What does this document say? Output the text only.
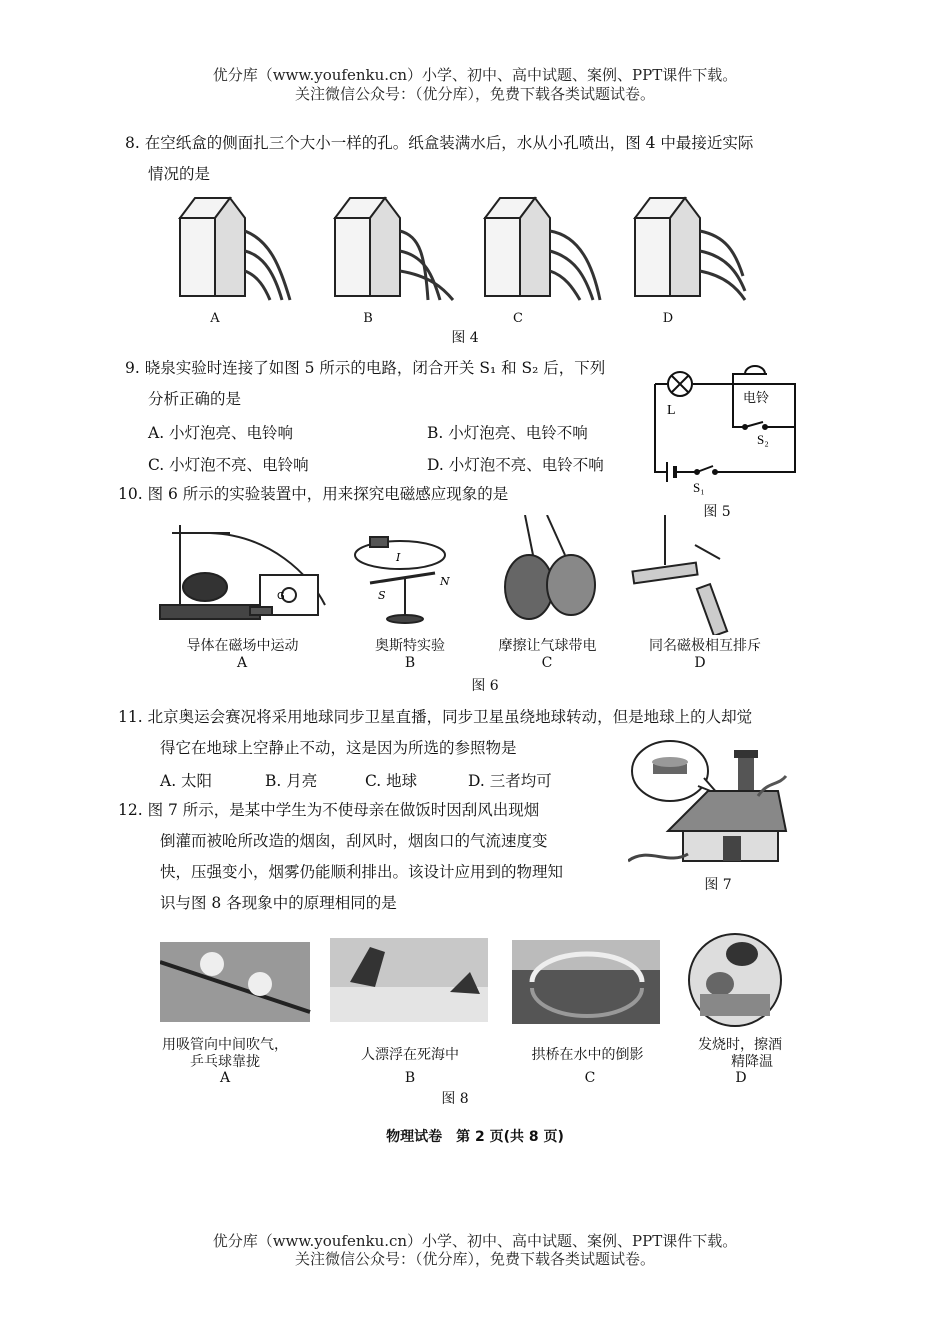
优分库（www.youfenku.cn）小学、初中、高中试题、案例、PPT课件下载。
关注微信公众号：（优分库），免费下载各类试题试卷。
8. 在空纸盒的侧面扎三个大小一样的孔。纸盒装满水后，水从小孔喷出，图 4 中最接近实际
情况的是
A	B	C	D
图 4
9. 晓泉实验时连接了如图 5 所示的电路，闭合开关 S₁ 和 S₂ 后，下列
分析正确的是
A. 小灯泡亮、电铃响	B. 小灯泡亮、电铃不响
C. 小灯泡不亮、电铃响	D. 小灯泡不亮、电铃不响
L
电铃
S₂
S₁
图 5
10. 图 6 所示的实验装置中，用来探究电磁感应现象的是
G
N
S
I
导体在磁场中运动
A
奥斯特实验
B
摩擦让气球带电
C
同名磁极相互排斥
D
图 6
11. 北京奥运会赛况将采用地球同步卫星直播，同步卫星虽绕地球转动，但是地球上的人却觉
得它在地球上空静止不动，这是因为所选的参照物是
A. 太阳	B. 月亮	C. 地球	D. 三者均可
12. 图 7 所示，是某中学生为不使母亲在做饭时因刮风出现烟
倒灌而被呛所改造的烟囱，刮风时，烟囱口的气流速度变
快，压强变小，烟雾仍能顺利排出。该设计应用到的物理知
识与图 8 各现象中的原理相同的是
图 7
用吸管向中间吹气，
乒乓球靠拢
A
人漂浮在死海中
B
拱桥在水中的倒影
C
发烧时，擦酒
精降温
D
图 8
物理试卷　第 2 页(共 8 页)
优分库（www.youfenku.cn）小学、初中、高中试题、案例、PPT课件下载。
关注微信公众号：（优分库），免费下载各类试题试卷。
